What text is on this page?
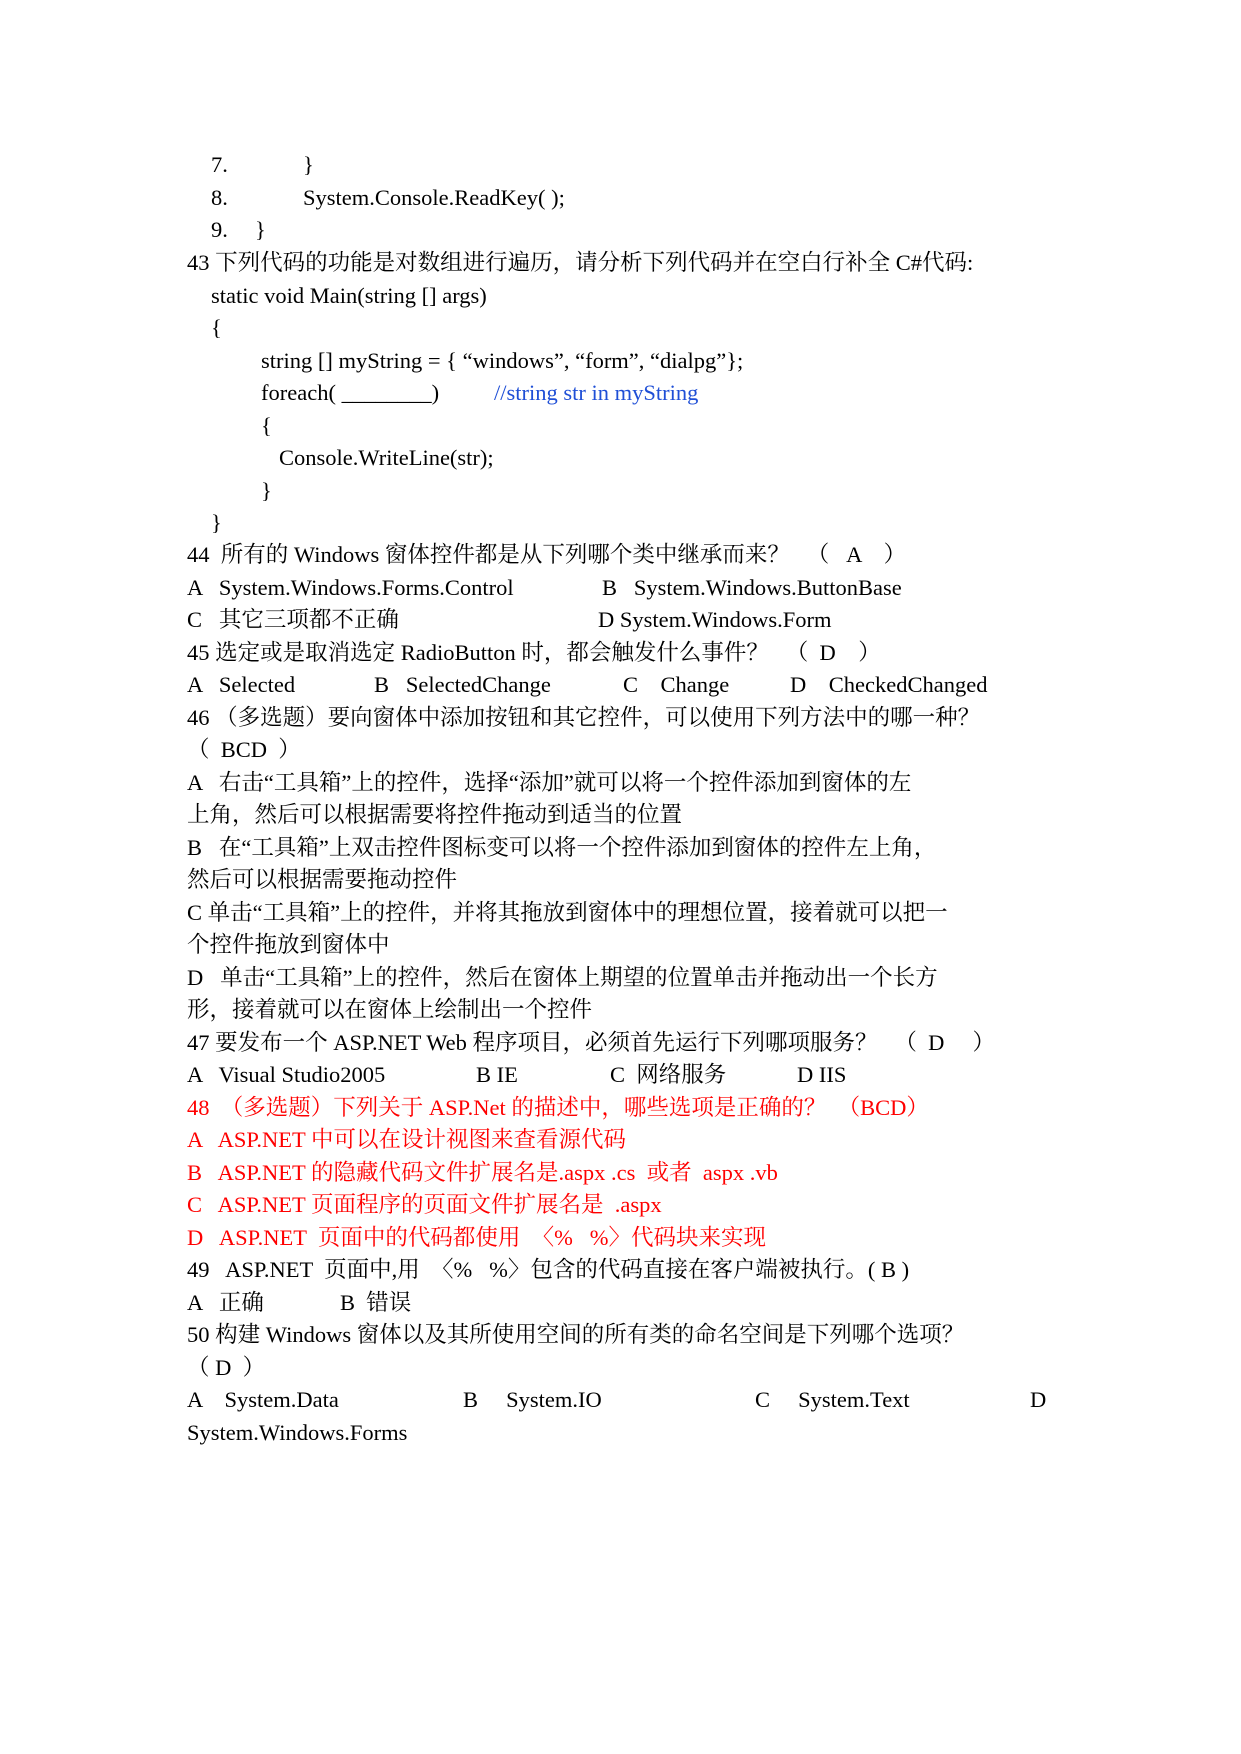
7.	}
8.	System.Console.ReadKey( );
9. }
43 下列代码的功能是对数组进行遍历，请分析下列代码并在空白行补全 C#代码:
static void Main(string [] args)
{
string [] myString = { “windows”, “form”, “dialpg”};
foreach( ________) //string str in myString
{
Console.WriteLine(str);
}
}
44  所有的 Windows 窗体控件都是从下列哪个类中继承而来？   （   A    ）
A   System.Windows.Forms.Control	B   System.Windows.ButtonBase
C   其它三项都不正确	D System.Windows.Form
45 选定或是取消选定 RadioButton 时，都会触发什么事件？   （  D    ）
A   Selected	B   SelectedChange	C    Change	D    CheckedChanged
46 （多选题）要向窗体中添加按钮和其它控件，可以使用下列方法中的哪一种？
（  BCD  ）
A   右击“工具箱”上的控件，选择“添加”就可以将一个控件添加到窗体的左
上角，然后可以根据需要将控件拖动到适当的位置
B   在“工具箱”上双击控件图标变可以将一个控件添加到窗体的控件左上角，
然后可以根据需要拖动控件
C 单击“工具箱”上的控件，并将其拖放到窗体中的理想位置，接着就可以把一
个控件拖放到窗体中
D   单击“工具箱”上的控件，然后在窗体上期望的位置单击并拖动出一个长方
形，接着就可以在窗体上绘制出一个控件
47 要发布一个 ASP.NET Web 程序项目，必须首先运行下列哪项服务？   （  D     ）
A   Visual Studio2005	B IE	C  网络服务	D IIS
48  （多选题）下列关于 ASP.Net 的描述中，哪些选项是正确的？  （BCD）
A   ASP.NET 中可以在设计视图来查看源代码
B   ASP.NET 的隐藏代码文件扩展名是.aspx .cs  或者  aspx .vb
C   ASP.NET 页面程序的页面文件扩展名是  .aspx
D   ASP.NET  页面中的代码都使用  〈%   %〉代码块来实现
49   ASP.NET  页面中,用  〈%   %〉包含的代码直接在客户端被执行。( B )
A   正确	B  错误
50 构建 Windows 窗体以及其所使用空间的所有类的命名空间是下列哪个选项？
（ D  ）
A    System.Data	B     System.IO	C     System.Text	D
System.Windows.Forms
